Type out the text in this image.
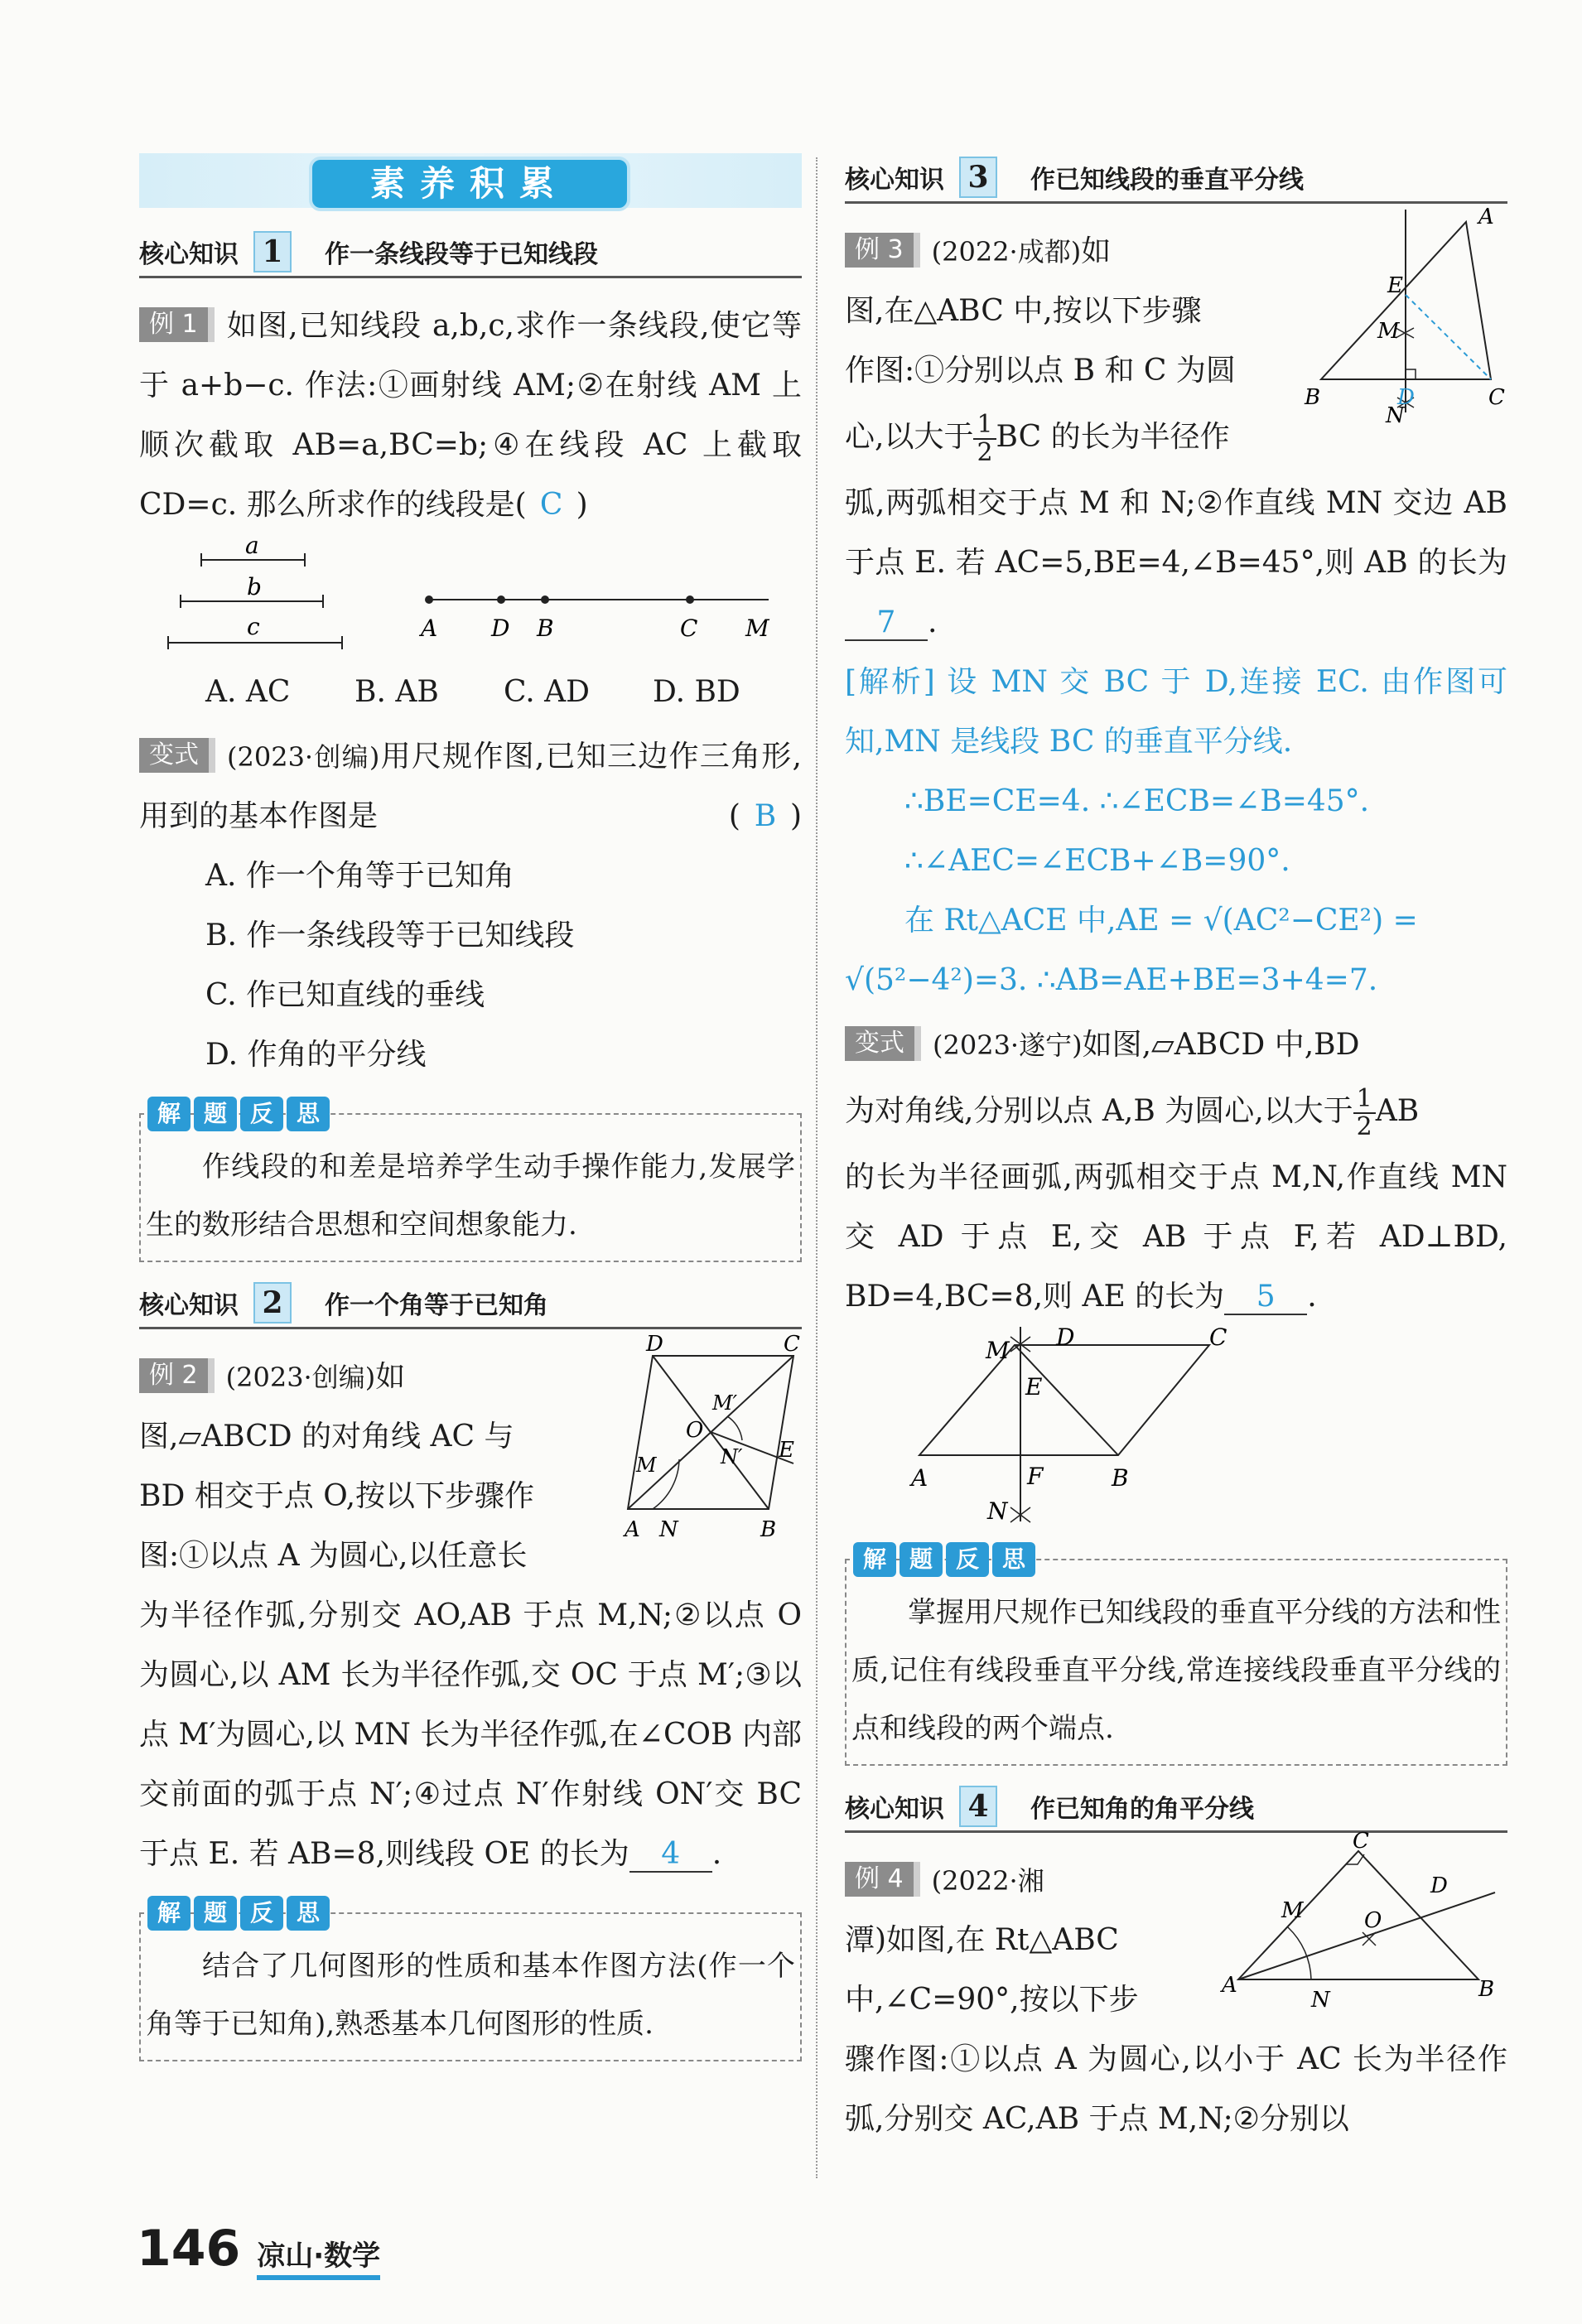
素养积累
核心知识 1	作一条线段等于已知线段

例 1 如图,已知线段 a,b,c,求作一条线段,使它等于 a+b−c. 作法:①画射线 AM;②在射线 AM 上顺次截取 AB=a,BC=b;④在线段 AC 上截取 CD=c. 那么所求作的线段是( C )

a
b
c	A D B	C M
A. AC	B. AB	C. AD	D. BD

变式 (2023·创编)用尺规作图,已知三边作三角形,用到的基本作图是	( B )

A. 作一个角等于已知角
B. 作一条线段等于已知线段
C. 作已知直线的垂线
D. 作角的平分线
解 题 反 思
作线段的和差是培养学生动手操作能力,发展学生的数形结合思想和空间想象能力.
核心知识 2	作一个角等于已知角
D	C
M′
E
O
N′
M
A N	B

例 2 (2023·创编)如

图,▱ABCD 的对角线 AC 与

BD 相交于点 O,按以下步骤作

图:①以点 A 为圆心,以任意长

为半径作弧,分别交 AO,AB 于点 M,N;②以点 O 为圆心,以 AM 长为半径作弧,交 OC 于点 M′;③以点 M′为圆心,以 MN 长为半径作弧,在∠COB 内部交前面的弧于点 N′;④过点 N′作射线 ON′交 BC 于点 E. 若 AB=8,则线段 OE 的长为 4 .

解 题 反 思
结合了几何图形的性质和基本作图方法(作一个角等于已知角),熟悉基本几何图形的性质.
核心知识 3	作已知线段的垂直平分线
A
E
M
B	D	C
N

例 3 (2022·成都)如

图,在△ABC 中,按以下步骤

作图:①分别以点 B 和 C 为圆

心,以大于 $\frac{1}{2}$ BC 的长为半径作

弧,两弧相交于点 M 和 N;②作直线 MN 交边 AB 于点 E. 若 AC=5,BE=4,∠B=45°,则 AB 的长为7 .

[解析] 设 MN 交 BC 于 D,连接 EC. 由作图可知,MN 是线段 BC 的垂直平分线.
∴BE=CE=4. ∴∠ECB=∠B=45°.
∴∠AEC=∠ECB+∠B=90°.
在 Rt△ACE 中,AE = √(AC²−CE²) =
√(5²−4²)=3. ∴AB=AE+BE=3+4=7.

变式 (2023·遂宁)如图,▱ABCD 中,BD

为对角线,分别以点 A,B 为圆心,以大于 $\frac{1}{2}$ AB

的长为半径画弧,两弧相交于点 M,N,作直线 MN 交 AD 于点 E,交 AB 于点 F,若 AD⊥BD, BD=4,BC=8,则 AE 的长为 5 .

M D	C
E
A	F	B
N
解 题 反 思
掌握用尺规作已知线段的垂直平分线的方法和性质,记住有线段垂直平分线,常连接线段垂直平分线的点和线段的两个端点.
核心知识 4	作已知角的角平分线
C
D
M	O
A
N	B

例 4 (2022·湘

潭)如图,在 Rt△ABC

中,∠C=90°,按以下步

骤作图:①以点 A 为圆心,以小于 AC 长为半径作弧,分别交 AC,AB 于点 M,N;②分别以

146 凉山·数学
